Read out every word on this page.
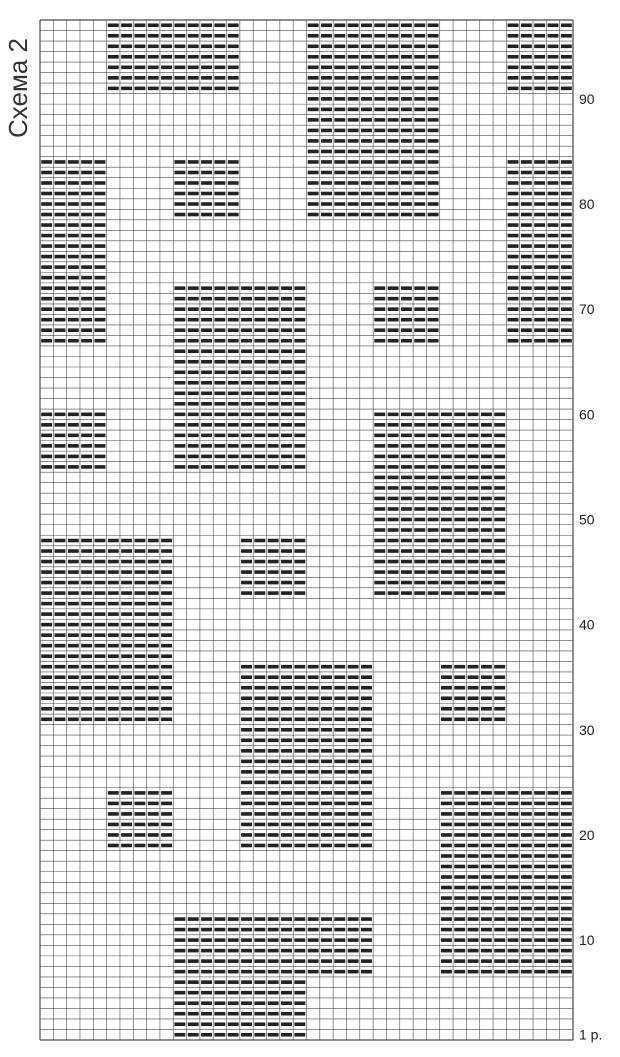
1 р.
10
20
30
40
50
60
70
80
90
Схема 2
